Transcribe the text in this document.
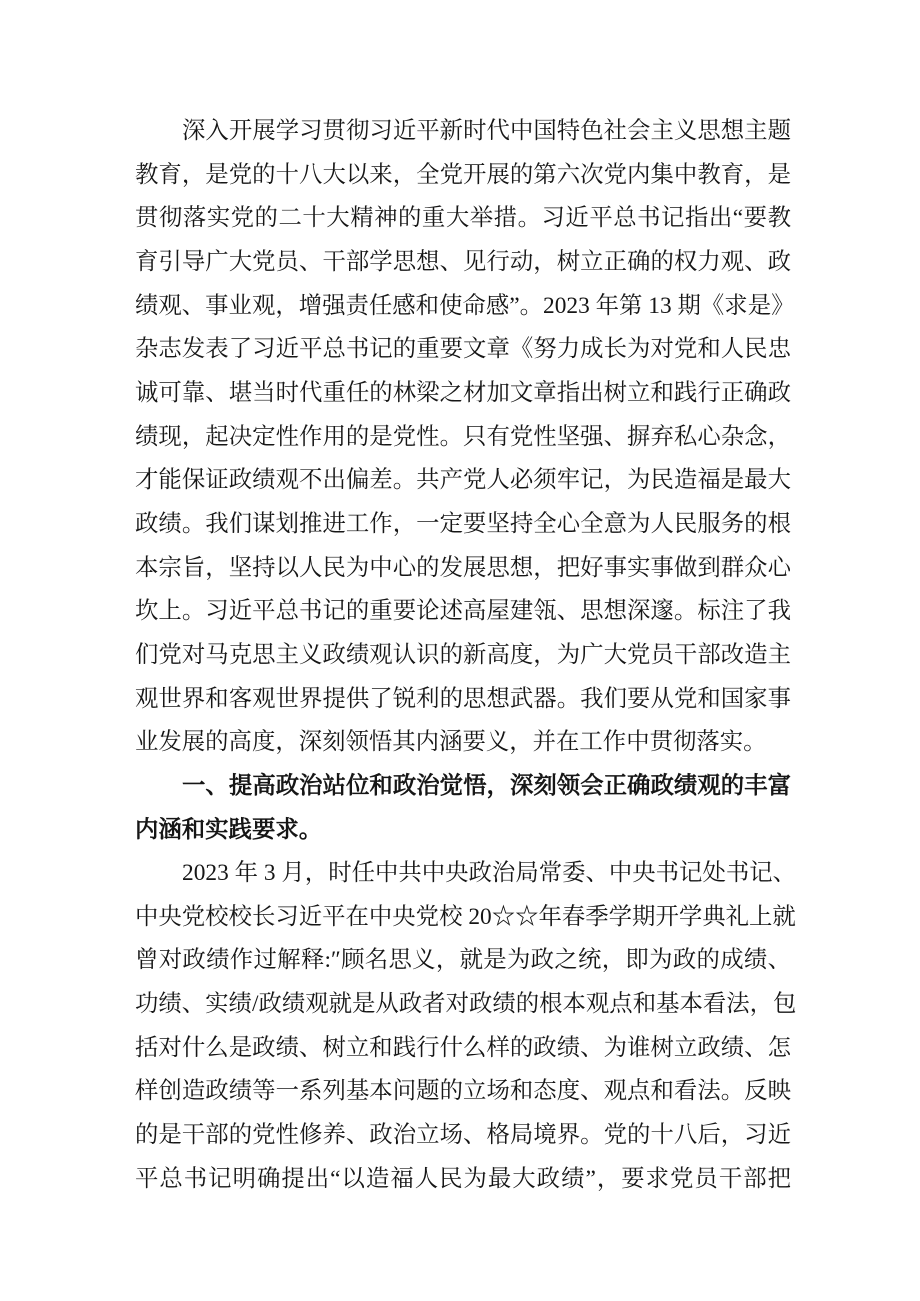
深入开展学习贯彻习近平新时代中国特色社会主义思想主题
教育，是党的十八大以来，全党开展的第六次党内集中教育，是
贯彻落实党的二十大精神的重大举措。习近平总书记指出“要教
育引导广大党员、干部学思想、见行动，树立正确的权力观、政
绩观、事业观，增强责任感和使命感”。2023 年第 13 期《求是》
杂志发表了习近平总书记的重要文章《努力成长为对党和人民忠
诚可靠、堪当时代重任的林梁之材加文章指出树立和践行正确政
绩现，起决定性作用的是党性。只有党性坚强、摒弃私心杂念，
才能保证政绩观不出偏差。共产党人必须牢记，为民造福是最大
政绩。我们谋划推进工作，一定要坚持全心全意为人民服务的根
本宗旨，坚持以人民为中心的发展思想，把好事实事做到群众心
坎上。习近平总书记的重要论述高屋建瓴、思想深邃。标注了我
们党对马克思主义政绩观认识的新高度，为广大党员干部改造主
观世界和客观世界提供了锐利的思想武器。我们要从党和国家事
业发展的高度，深刻领悟其内涵要义，并在工作中贯彻落实。
一、提高政治站位和政治觉悟，深刻领会正确政绩观的丰富
内涵和实践要求。
2023 年 3 月，时任中共中央政治局常委、中央书记处书记、
中央党校校长习近平在中央党校 20☆☆年春季学期开学典礼上就
曾对政绩作过解释:″顾名思义，就是为政之统，即为政的成绩、
功绩、实绩/政绩观就是从政者对政绩的根本观点和基本看法，包
括对什么是政绩、树立和践行什么样的政绩、为谁树立政绩、怎
样创造政绩等一系列基本问题的立场和态度、观点和看法。反映
的是干部的党性修养、政治立场、格局境界。党的十八后，习近
平总书记明确提出“以造福人民为最大政绩”，要求党员干部把
